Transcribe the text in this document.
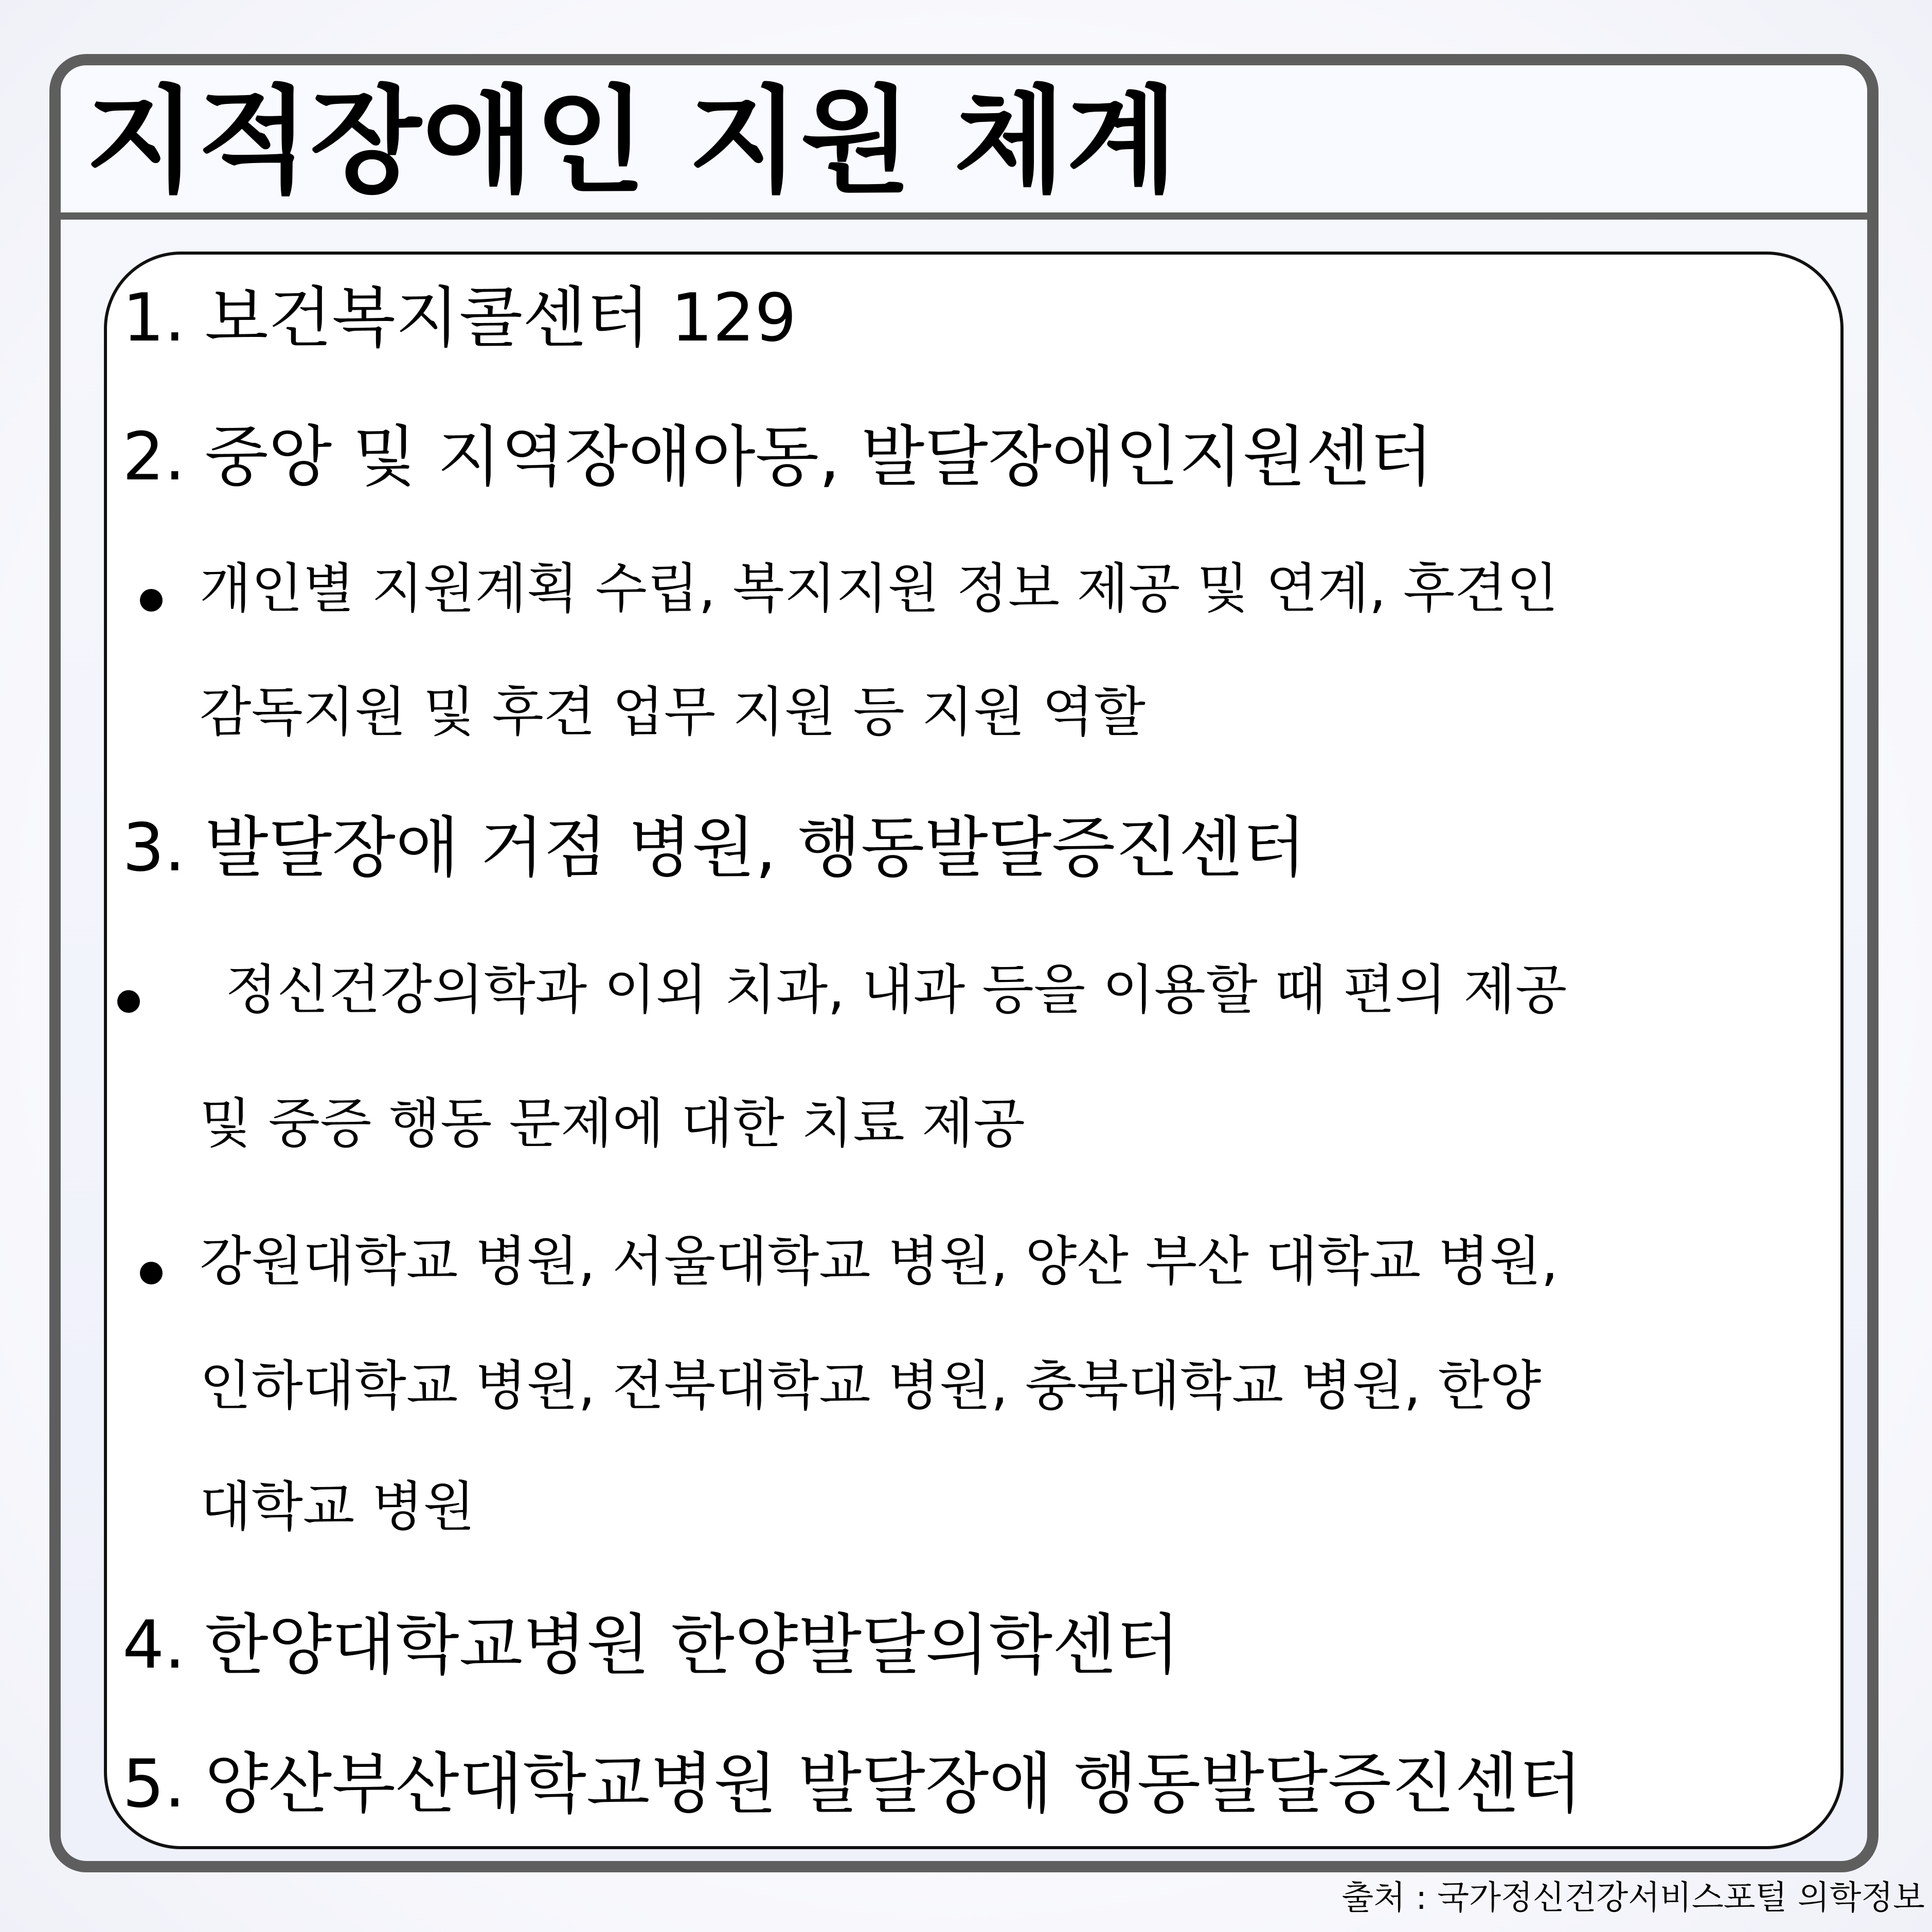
지적장애인 지원 체계
1. 보건복지콜센터 129
2. 중앙 및 지역장애아동, 발달장애인지원센터
개인별 지원계획 수립, 복지지원 정보 제공 및 연계, 후견인
감독지원 및 후견 업무 지원 등 지원 역할
3. 발달장애 거점 병원, 행동발달증진센터
정신건강의학과 이외 치과, 내과 등을 이용할 때 편의 제공
및 중증 행동 문제에 대한 치료 제공
강원대학교 병원, 서울대학교 병원, 양산 부산 대학교 병원,
인하대학교 병원, 전북대학교 병원, 충북대학교 병원, 한양
대학교 병원
4. 한양대학교병원 한양발달의학센터
5. 양산부산대학교병원 발달장애 행동발달증진센터
출처 : 국가정신건강서비스포털 의학정보
